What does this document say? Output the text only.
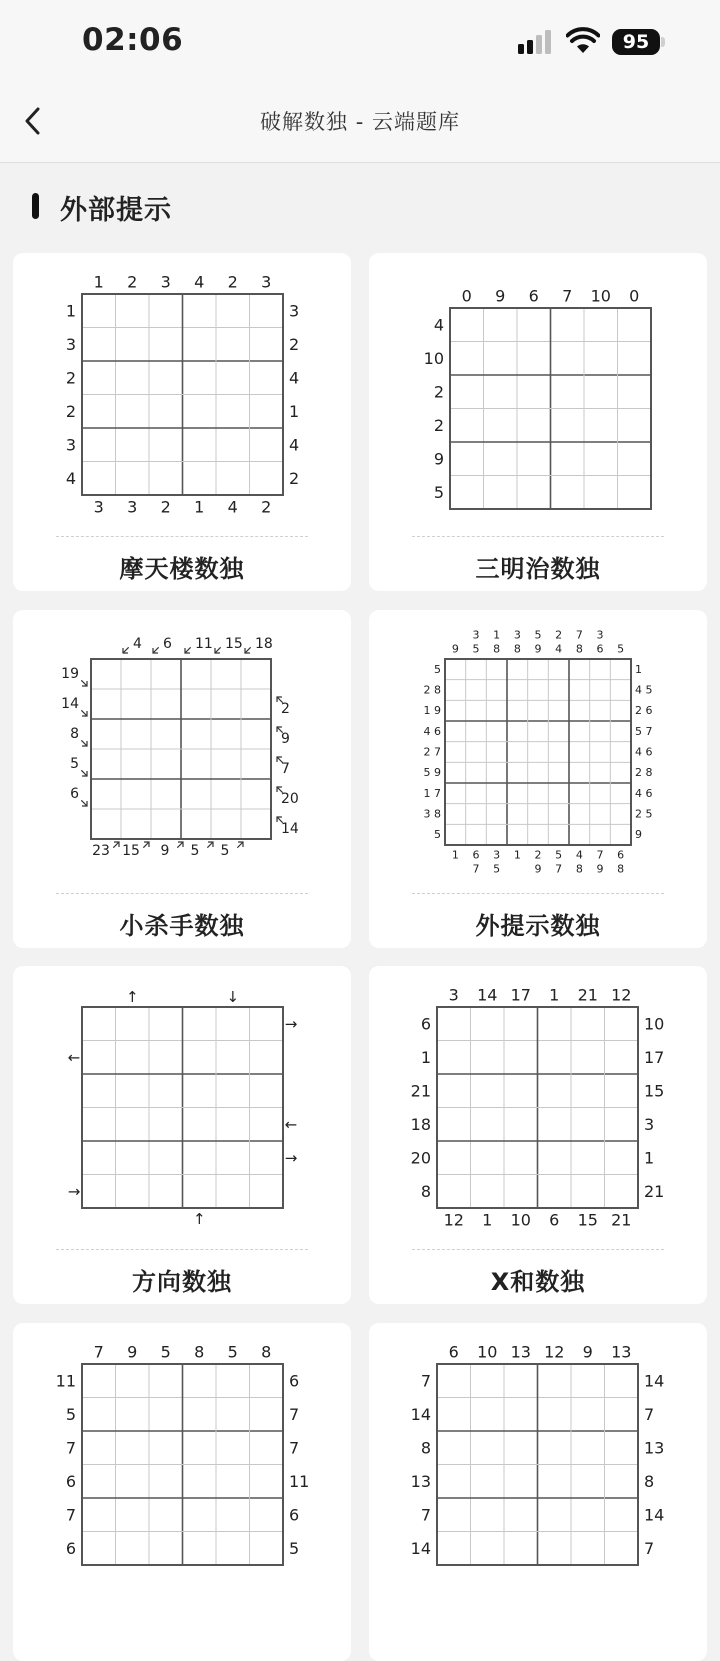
02:06	95
破解数独 - 云端题库
外部提示
1 2 3 4 2 3
3 3 2 1 4 2
1
3
2
2
3
4
3
2
4
1
4
2
摩天楼数独
0 9 6 7 10 0
4
10
2
2
9
5
三明治数独
4 6 11 15 18
19
14
8
5
6
2
9
7
20
14
23 15 9 5 5
小杀手数独
9
3
5
1
8
3
8
5
9
2
4
7
8
3
6 5
1 6
7
3
5
1 2
9
5
7
4
8
7
9
6
8
5
2 8
1 9
4 6
2 7
5 9
1 7
3 8
5
1
4 5
2 6
5 7
4 6
2 8
4 6
2 5
9
外提示数独
↑	↓
→
←
←
→
→
↑
方向数独
3 14 17 1 21 12
12 1 10 6 15 21
6
1
21
18
20
8
10
17
15
3
1
21
X和数独
7 9 5 8 5 8
11
5
7
6
7
6
6
7
7
11
6
5
6 10 13 12 9 13
7
14
8
13
7
14
14
7
13
8
14
7
